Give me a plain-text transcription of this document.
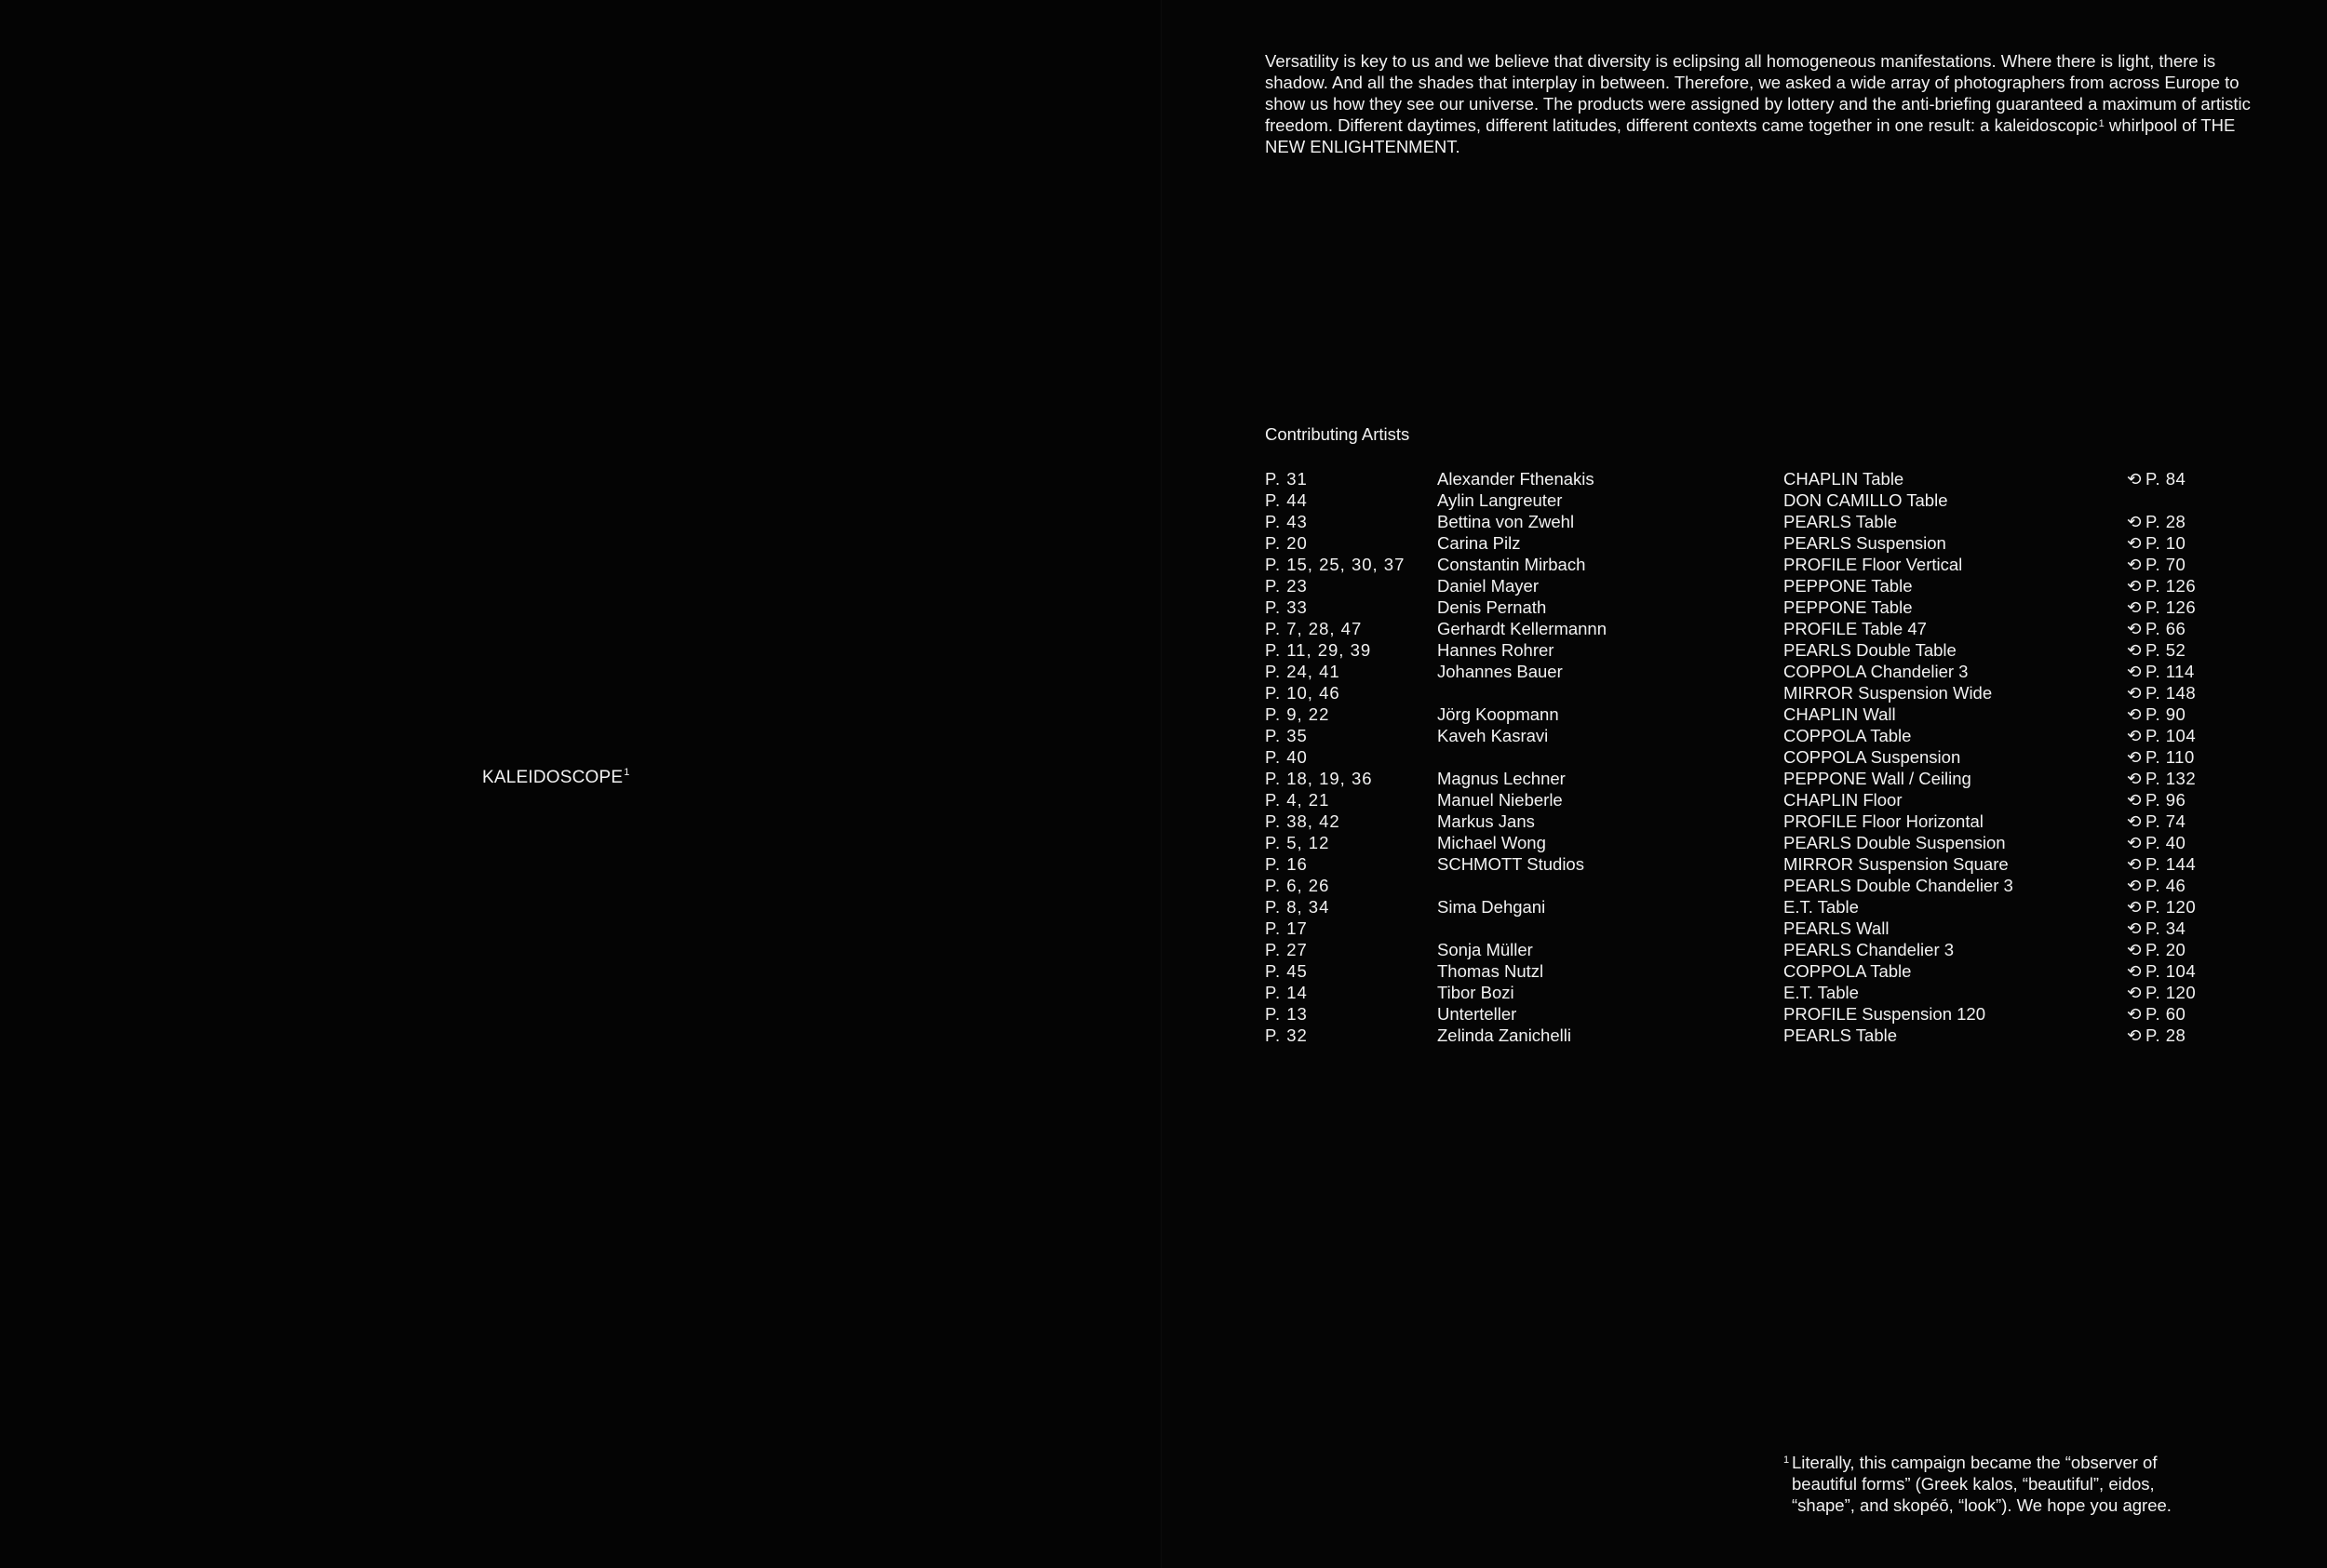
KALEIDOSCOPE$^1$

Versatility is key to us and we believe that diversity is eclipsing all homogeneous manifestations. Where there is light, there is shadow. And all the shades that interplay in between. Therefore, we asked a wide array of photographers from across Europe to show us how they see our universe. The products were assigned by lottery and the anti-briefing guaranteed a maximum of artistic freedom. Different daytimes, different latitudes, different contexts came together in one result: a kaleidoscopic$^1$ whirlpool of THE NEW ENLIGHTENMENT.

Contributing Artists
P. 31	Alexander Fthenakis	CHAPLIN Table	⟲ P. 84
P. 44	Aylin Langreuter	DON CAMILLO Table	
P. 43	Bettina von Zwehl	PEARLS Table	⟲ P. 28
P. 20	Carina Pilz	PEARLS Suspension	⟲ P. 10
P. 15, 25, 30, 37	Constantin Mirbach	PROFILE Floor Vertical	⟲ P. 70
P. 23	Daniel Mayer	PEPPONE Table	⟲ P. 126
P. 33	Denis Pernath	PEPPONE Table	⟲ P. 126
P. 7, 28, 47	Gerhardt Kellermannn	PROFILE Table 47	⟲ P. 66
P. 11, 29, 39	Hannes Rohrer	PEARLS Double Table	⟲ P. 52
P. 24, 41	Johannes Bauer	COPPOLA Chandelier 3	⟲ P. 114
P. 10, 46		MIRROR Suspension Wide	⟲ P. 148
P. 9, 22	Jörg Koopmann	CHAPLIN Wall	⟲ P. 90
P. 35	Kaveh Kasravi	COPPOLA Table	⟲ P. 104
P. 40		COPPOLA Suspension	⟲ P. 110
P. 18, 19, 36	Magnus Lechner	PEPPONE Wall / Ceiling	⟲ P. 132
P. 4, 21	Manuel Nieberle	CHAPLIN Floor	⟲ P. 96
P. 38, 42	Markus Jans	PROFILE Floor Horizontal	⟲ P. 74
P. 5, 12	Michael Wong	PEARLS Double Suspension	⟲ P. 40
P. 16	SCHMOTT Studios	MIRROR Suspension Square	⟲ P. 144
P. 6, 26		PEARLS Double Chandelier 3	⟲ P. 46
P. 8, 34	Sima Dehgani	E.T. Table	⟲ P. 120
P. 17		PEARLS Wall	⟲ P. 34
P. 27	Sonja Müller	PEARLS Chandelier 3	⟲ P. 20
P. 45	Thomas Nutzl	COPPOLA Table	⟲ P. 104
P. 14	Tibor Bozi	E.T. Table	⟲ P. 120
P. 13	Unterteller	PROFILE Suspension 120	⟲ P. 60
P. 32	Zelinda Zanichelli	PEARLS Table	⟲ P. 28

1 Literally, this campaign became the “observer of beautiful forms” (Greek kalos, “beautiful”, eidos, “shape”, and skopéō, “look”). We hope you agree.
